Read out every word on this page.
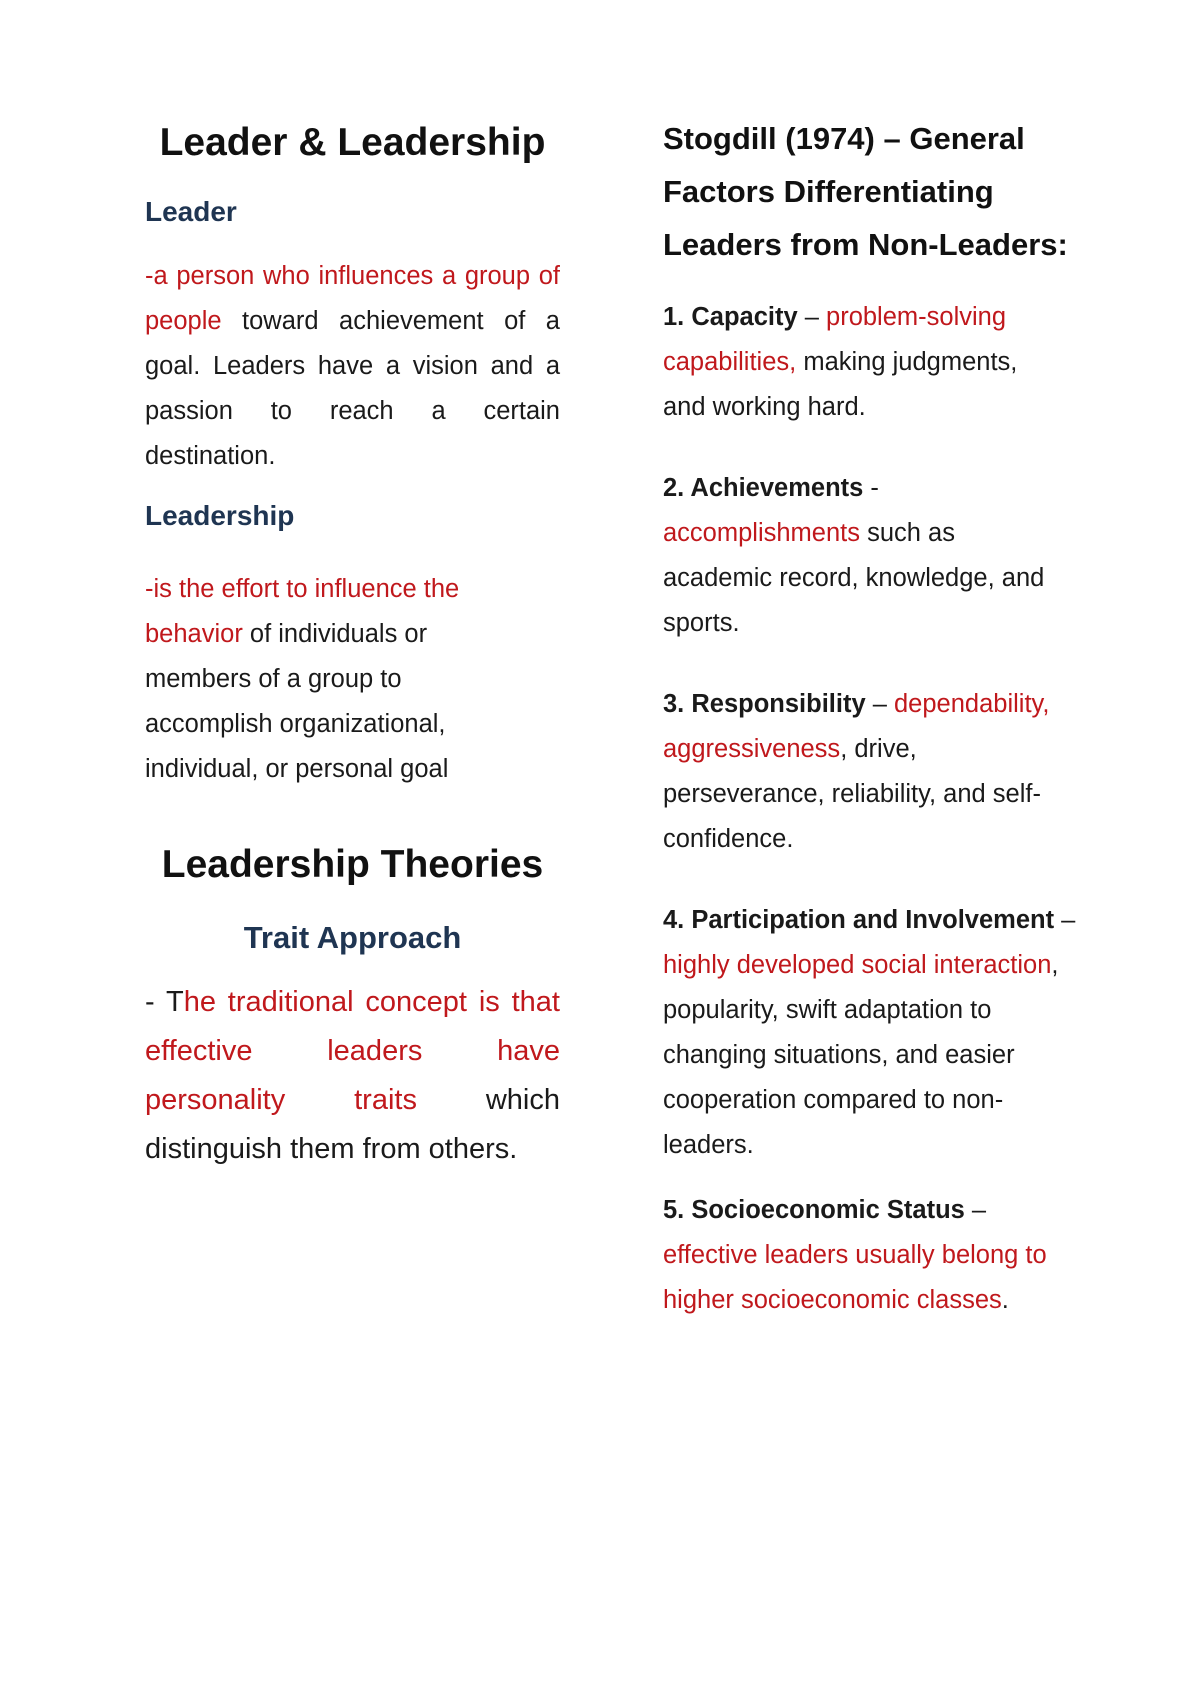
Leader & Leadership
Leader

-a person who influences a group of people toward achievement of a goal. Leaders have a vision and a passion to reach a certain destination.

Leadership

-is the effort to influence the behavior of individuals or members of a group to accomplish organizational, individual, or personal goal

Leadership Theories
Trait Approach

- The traditional concept is that effective leaders have personality traits which distinguish them from others.

Stogdill (1974) – General Factors Differentiating Leaders from Non-Leaders:

1. Capacity – problem-solving capabilities, making judgments, and working hard.

2. Achievements - accomplishments such as academic record, knowledge, and sports.

3. Responsibility – dependability, aggressiveness, drive, perseverance, reliability, and self-confidence.

4. Participation and Involvement – highly developed social interaction, popularity, swift adaptation to changing situations, and easier cooperation compared to non-leaders.

5. Socioeconomic Status – effective leaders usually belong to higher socioeconomic classes.
